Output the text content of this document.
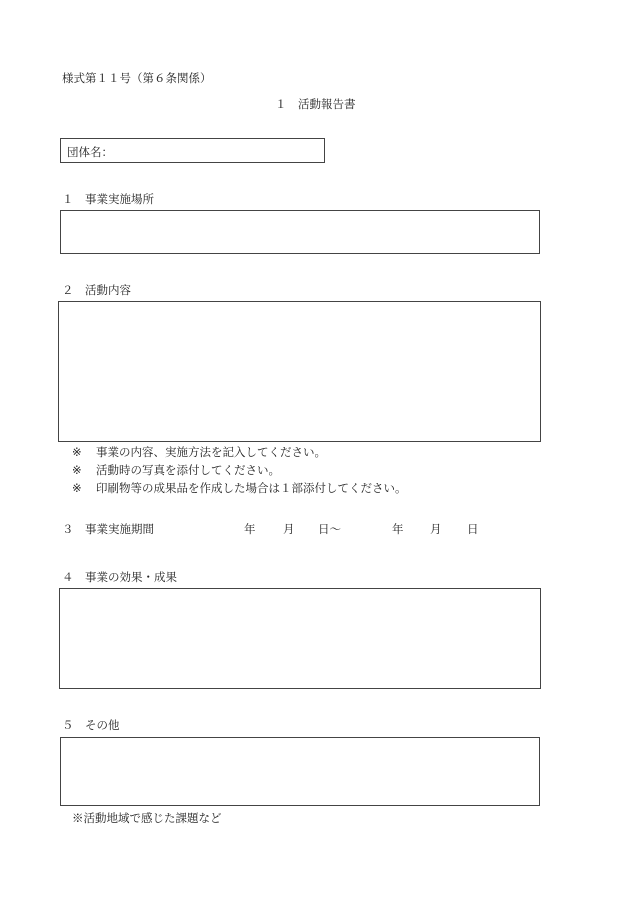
様式第１１号（第６条関係）
１　活動報告書
団体名：
１　事業実施場所
２　活動内容
※ 事業の内容、実施方法を記入してください。
※ 活動時の写真を添付してください。
※ 印刷物等の成果品を作成した場合は１部添付してください。
３　事業実施期間	年 月 日～	年 月 日
４　事業の効果・成果
５　その他
※活動地域で感じた課題など
